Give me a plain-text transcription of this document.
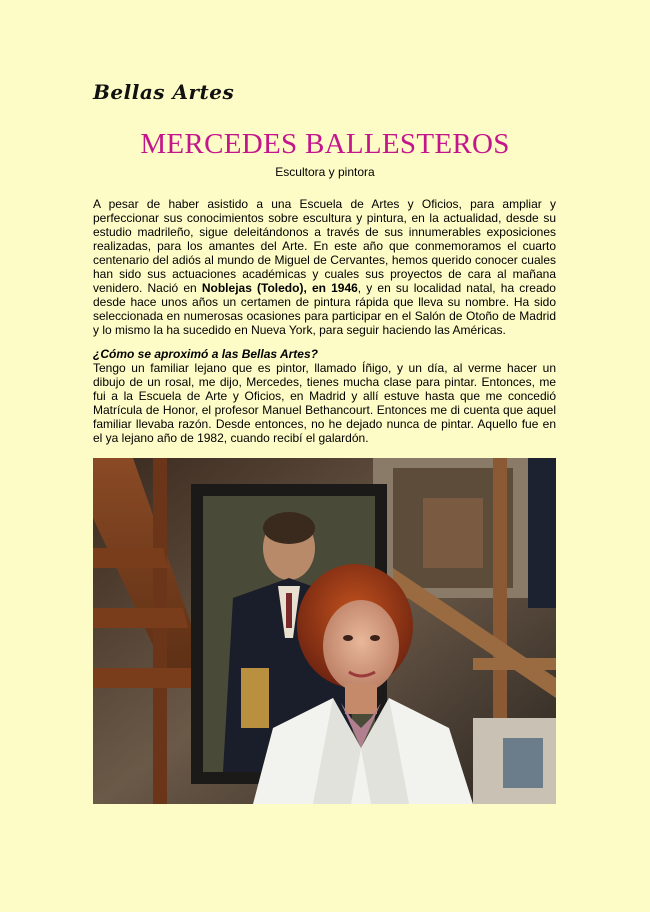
Bellas Artes
MERCEDES BALLESTEROS
Escultora y pintora
A pesar de haber asistido a una Escuela de Artes y Oficios, para ampliar y perfeccionar sus conocimientos sobre escultura y pintura, en la actualidad, desde su estudio madrileño, sigue deleitándonos a través de sus innumerables exposiciones realizadas, para los amantes del Arte. En este año que conmemoramos el cuarto centenario del adiós al mundo de Miguel de Cervantes, hemos querido conocer cuales han sido sus actuaciones académicas y cuales sus proyectos de cara al mañana venidero. Nació en Noblejas (Toledo), en 1946, y en su localidad natal, ha creado desde hace unos años un certamen de pintura rápida que lleva su nombre. Ha sido seleccionada en numerosas ocasiones para participar en el Salón de Otoño de Madrid y lo mismo la ha sucedido en Nueva York, para seguir haciendo las Américas.
¿Cómo se aproximó a las Bellas Artes?
Tengo un familiar lejano que es pintor, llamado Íñigo, y un día, al verme hacer un dibujo de un rosal, me dijo, Mercedes, tienes mucha clase para pintar. Entonces, me fui a la Escuela de Arte y Oficios, en Madrid y allí estuve hasta que me concedió Matrícula de Honor, el profesor Manuel Bethancourt. Entonces me di cuenta que aquel familiar llevaba razón. Desde entonces, no he dejado nunca de pintar. Aquello fue en el ya lejano año de 1982, cuando recibí el galardón.
